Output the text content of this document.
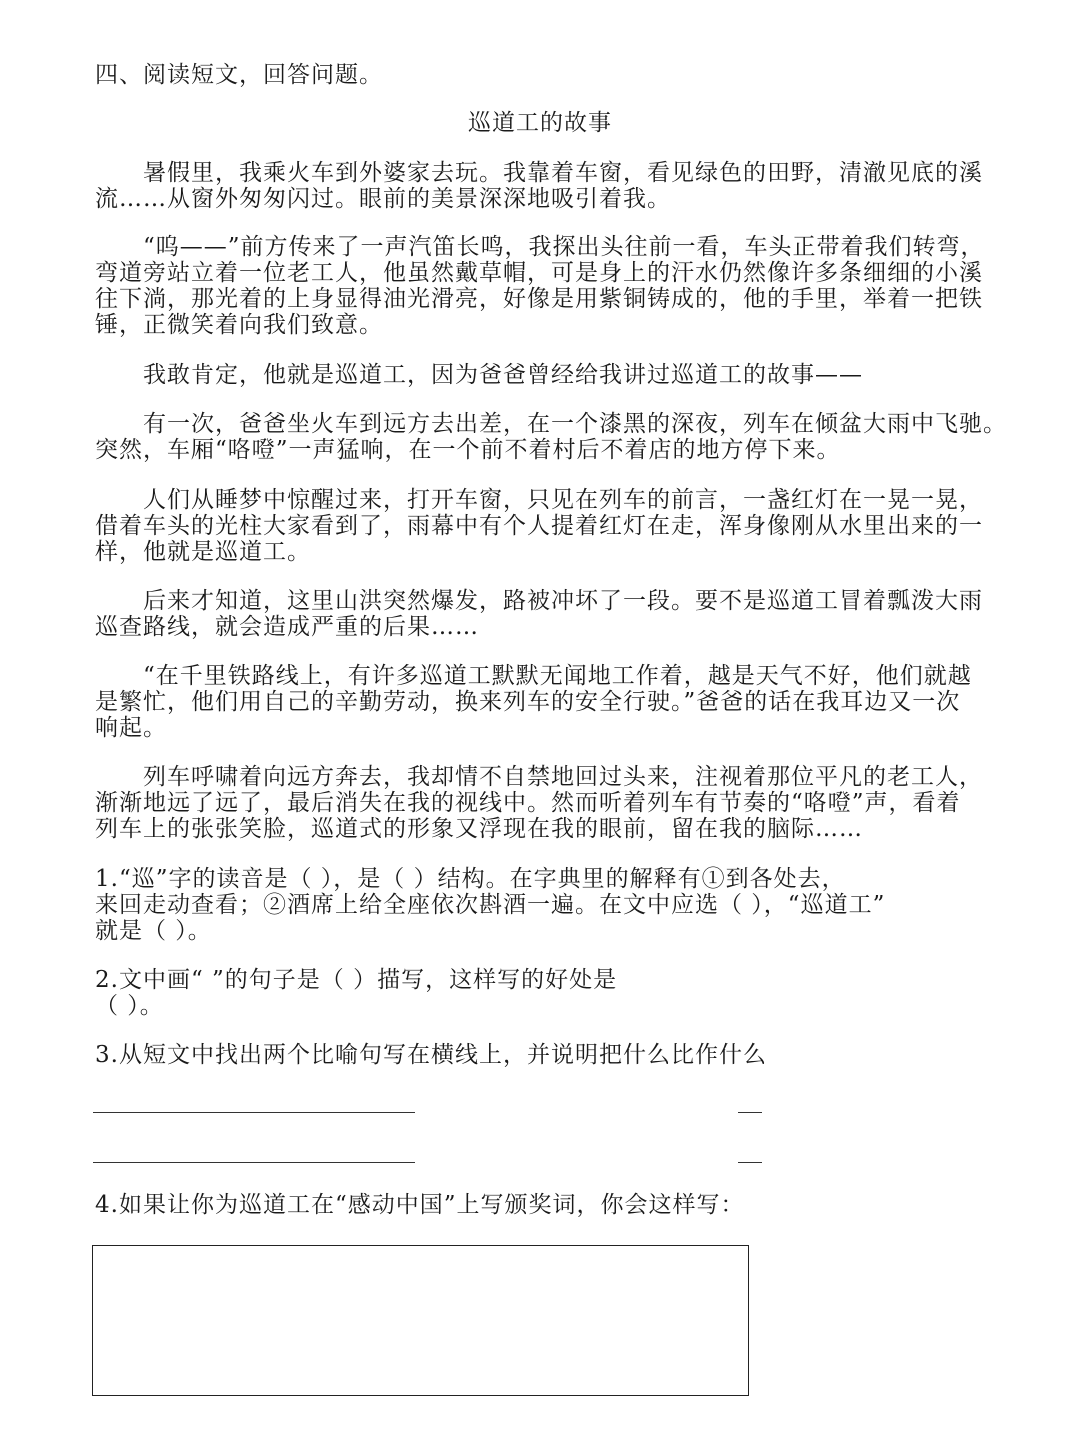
四、阅读短文，回答问题。
巡道工的故事
暑假里，我乘火车到外婆家去玩。我靠着车窗，看见绿色的田野，清澈见底的溪
流……从窗外匆匆闪过。眼前的美景深深地吸引着我。
“呜——”前方传来了一声汽笛长鸣，我探出头往前一看，车头正带着我们转弯，
弯道旁站立着一位老工人，他虽然戴草帽，可是身上的汗水仍然像许多条细细的小溪
往下淌，那光着的上身显得油光滑亮，好像是用紫铜铸成的，他的手里，举着一把铁
锤，正微笑着向我们致意。
我敢肯定，他就是巡道工，因为爸爸曾经给我讲过巡道工的故事——
有一次，爸爸坐火车到远方去出差，在一个漆黑的深夜，列车在倾盆大雨中飞驰。
突然，车厢“咯噔”一声猛响，在一个前不着村后不着店的地方停下来。
人们从睡梦中惊醒过来，打开车窗，只见在列车的前言，一盏红灯在一晃一晃，
借着车头的光柱大家看到了，雨幕中有个人提着红灯在走，浑身像刚从水里出来的一
样，他就是巡道工。
后来才知道，这里山洪突然爆发，路被冲坏了一段。要不是巡道工冒着瓢泼大雨
巡查路线，就会造成严重的后果……
“在千里铁路线上，有许多巡道工默默无闻地工作着，越是天气不好，他们就越
是繁忙，他们用自己的辛勤劳动，换来列车的安全行驶。”爸爸的话在我耳边又一次
响起。
列车呼啸着向远方奔去，我却情不自禁地回过头来，注视着那位平凡的老工人，
渐渐地远了远了，最后消失在我的视线中。然而听着列车有节奏的“咯噔”声，看着
列车上的张张笑脸，巡道式的形象又浮现在我的眼前，留在我的脑际……
1.“巡”字的读音是（ ），是（ ）结构。在字典里的解释有①到各处去，
来回走动查看；②酒席上给全座依次斟酒一遍。在文中应选（ ），“巡道工”
就是（ ）。
2.文中画“ ”的句子是（ ）描写，这样写的好处是
（ ）。
3.从短文中找出两个比喻句写在横线上，并说明把什么比作什么
4.如果让你为巡道工在“感动中国”上写颁奖词，你会这样写：
